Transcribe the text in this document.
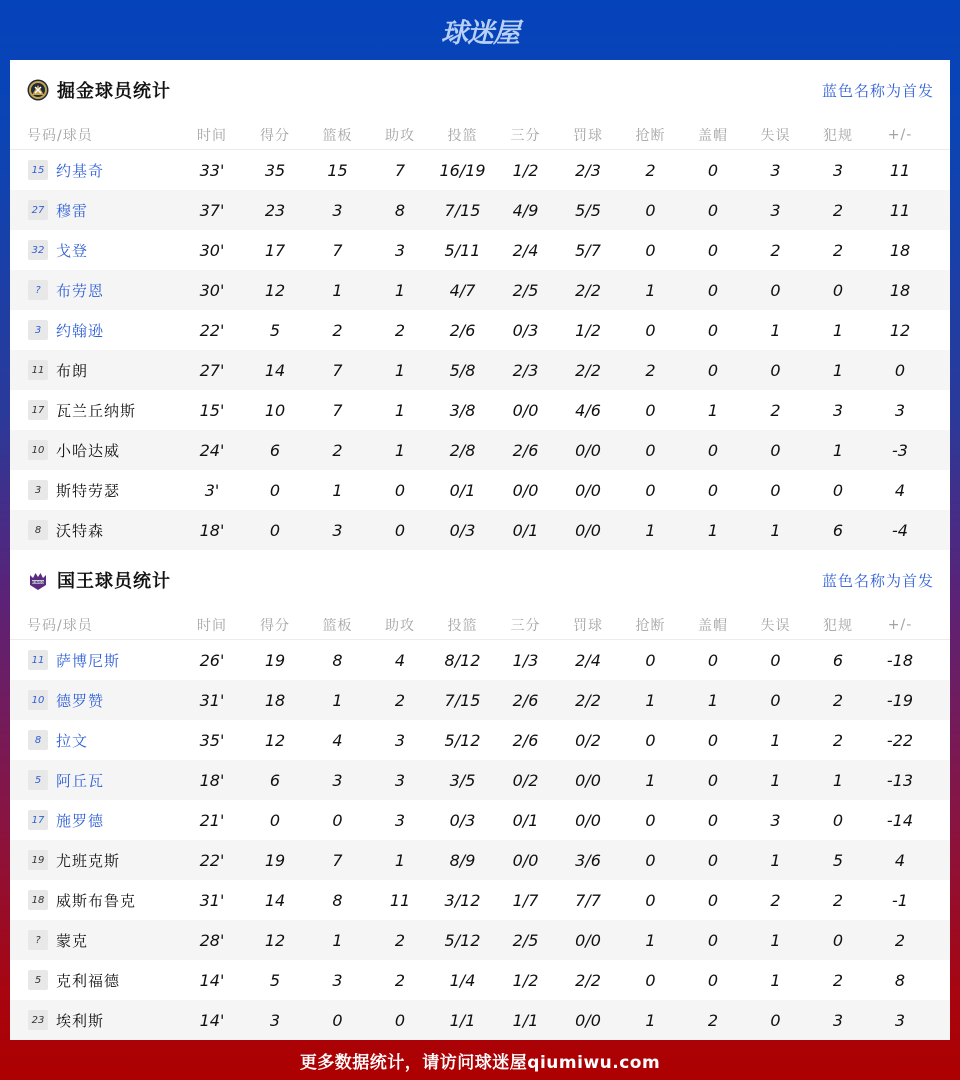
球迷屋
掘金球员统计	蓝色名称为首发
号码/球员	时间	得分	篮板	助攻	投篮	三分	罚球	抢断	盖帽	失误	犯规	+/-
15 约基奇	33'	35	15	7	16/19	1/2	2/3	2	0	3	3	11
27 穆雷	37'	23	3	8	7/15	4/9	5/5	0	0	3	2	11
32 戈登	30'	17	7	3	5/11	2/4	5/7	0	0	2	2	18
?	布劳恩	30'	12	1	1	4/7	2/5	2/2	1	0	0	0	18
3 约翰逊	22'	5	2	2	2/6	0/3	1/2	0	0	1	1	12
11 布朗	27'	14	7	1	5/8	2/3	2/2	2	0	0	1	0
17 瓦兰丘纳斯	15'	10	7	1	3/8	0/0	4/6	0	1	2	3	3
10 小哈达威	24'	6	2	1	2/8	2/6	0/0	0	0	0	1	-3
3 斯特劳瑟	3'	0	1	0	0/1	0/0	0/0	0	0	0	0	4
8 沃特森	18'	0	3	0	0/3	0/1	0/0	1	1	1	6	-4
KINGS 国王球员统计	蓝色名称为首发
号码/球员	时间	得分	篮板	助攻	投篮	三分	罚球	抢断	盖帽	失误	犯规	+/-
11 萨博尼斯	26'	19	8	4	8/12	1/3	2/4	0	0	0	6	-18
10 德罗赞	31'	18	1	2	7/15	2/6	2/2	1	1	0	2	-19
8 拉文	35'	12	4	3	5/12	2/6	0/2	0	0	1	2	-22
5 阿丘瓦	18'	6	3	3	3/5	0/2	0/0	1	0	1	1	-13
17 施罗德	21'	0	0	3	0/3	0/1	0/0	0	0	3	0	-14
19 尤班克斯	22'	19	7	1	8/9	0/0	3/6	0	0	1	5	4
18 威斯布鲁克	31'	14	8	11	3/12	1/7	7/7	0	0	2	2	-1
?	蒙克	28'	12	1	2	5/12	2/5	0/0	1	0	1	0	2
5 克利福德	14'	5	3	2	1/4	1/2	2/2	0	0	1	2	8
23 埃利斯	14'	3	0	0	1/1	1/1	0/0	1	2	0	3	3
更多数据统计，请访问球迷屋qiumiwu.com
